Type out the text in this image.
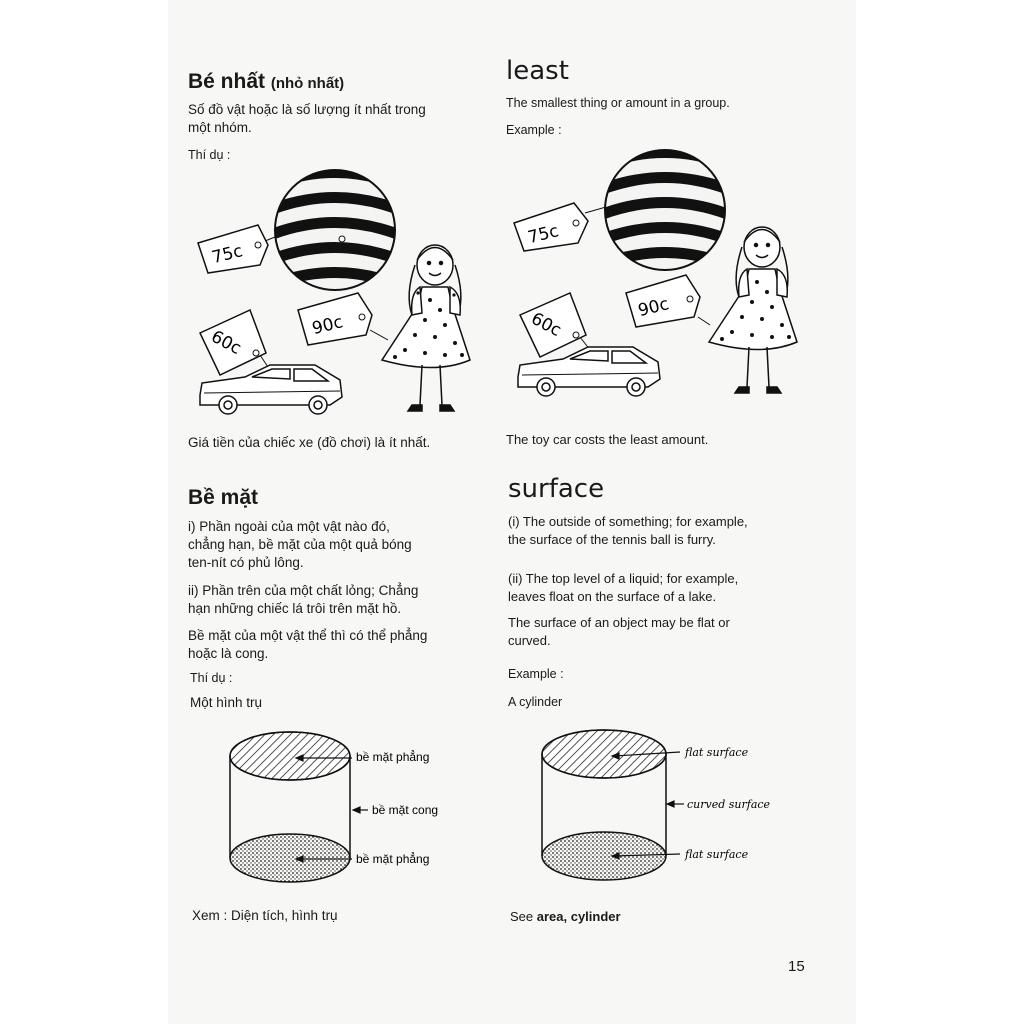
Bé nhất (nhỏ nhất)

Số đồ vật hoặc là số lượng ít nhất trong

một nhóm.

Thí dụ :

75c
90c
60c

Giá tiền của chiếc xe (đồ chơi) là ít nhất.

Bề mặt

i) Phần ngoài của một vật nào đó,

chẳng hạn, bề mặt của một quả bóng

ten-nít có phủ lông.

ii) Phần trên của một chất lỏng; Chẳng

hạn những chiếc lá trôi trên mặt hồ.

Bề mặt của một vật thể thì có thể phẳng

hoặc là cong.

Thí dụ :

Một hình trụ

bề mặt phẳng
bề mặt cong
bề mặt phẳng

Xem : Diện tích, hình trụ

least

The smallest thing or amount in a group.

Example :

75c
90c
60c

The toy car costs the least amount.

surface

(i) The outside of something; for example,

the surface of the tennis ball is furry.

(ii) The top level of a liquid; for example,

leaves float on the surface of a lake.

The surface of an object may be flat or

curved.

Example :

A cylinder

flat surface
curved surface
flat surface

See area, cylinder

15
